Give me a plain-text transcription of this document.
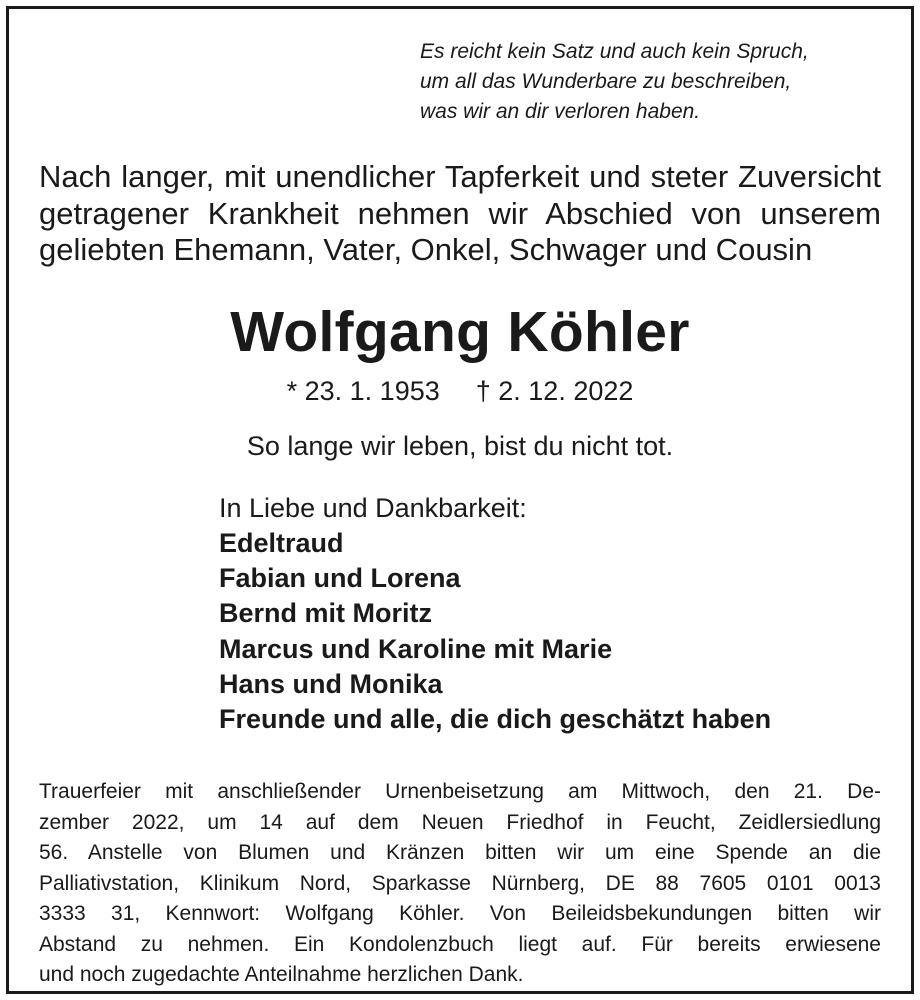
Es reicht kein Satz und auch kein Spruch,
um all das Wunderbare zu beschreiben,
was wir an dir verloren haben.
Nach langer, mit unendlicher Tapferkeit und steter Zuversicht
getragener Krankheit nehmen wir Abschied von unserem
geliebten Ehemann, Vater, Onkel, Schwager und Cousin
Wolfgang Köhler
* 23. 1. 1953 † 2. 12. 2022
So lange wir leben, bist du nicht tot.
In Liebe und Dankbarkeit:
Edeltraud
Fabian und Lorena
Bernd mit Moritz
Marcus und Karoline mit Marie
Hans und Monika
Freunde und alle, die dich geschätzt haben
Trauerfeier mit anschließender Urnenbeisetzung am Mittwoch, den 21. De-
zember 2022, um 14 auf dem Neuen Friedhof in Feucht, Zeidlersiedlung
56. Anstelle von Blumen und Kränzen bitten wir um eine Spende an die
Palliativstation, Klinikum Nord, Sparkasse Nürnberg, DE 88 7605 0101 0013
3333 31, Kennwort: Wolfgang Köhler. Von Beileidsbekundungen bitten wir
Abstand zu nehmen. Ein Kondolenzbuch liegt auf. Für bereits erwiesene
und noch zugedachte Anteilnahme herzlichen Dank.
